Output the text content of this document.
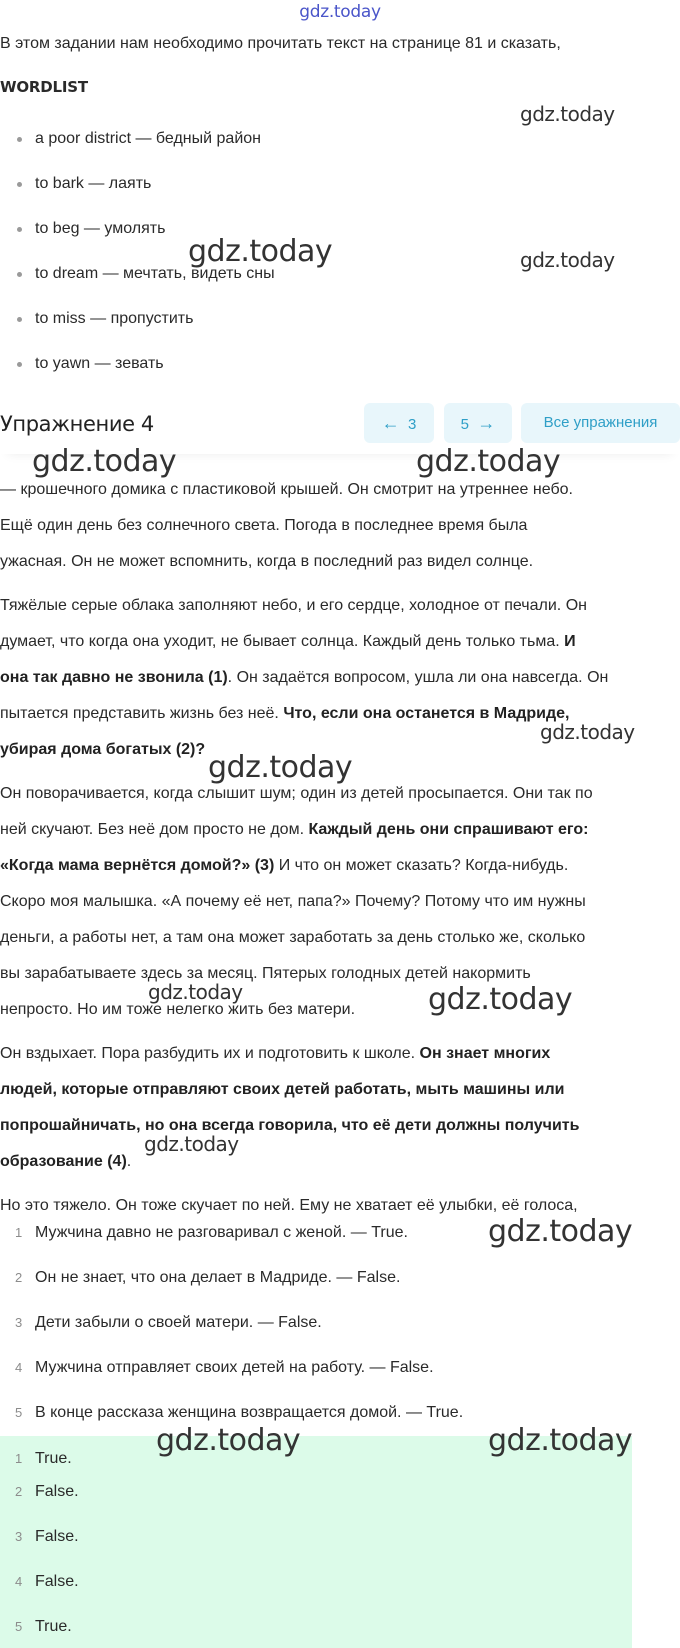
gdz.today
В этом задании нам необходимо прочитать текст на странице 81 и сказать,
WORDLIST
a poor district — бедный район
to bark — лаять
to beg — умолять
to dream — мечтать, видеть сны
to miss — пропустить
to yawn — зевать
Упражнение 4	← 3	5 →	Все упражнения
— крошечного домика с пластиковой крышей. Он смотрит на утреннее небо.
Ещё один день без солнечного света. Погода в последнее время была
ужасная. Он не может вспомнить, когда в последний раз видел солнце.
Тяжёлые серые облака заполняют небо, и его сердце, холодное от печали. Он
думает, что когда она уходит, не бывает солнца. Каждый день только тьма. И
она так давно не звонила (1). Он задаётся вопросом, ушла ли она навсегда. Он
пытается представить жизнь без неё. Что, если она останется в Мадриде,
убирая дома богатых (2)?
Он поворачивается, когда слышит шум; один из детей просыпается. Они так по
ней скучают. Без неё дом просто не дом. Каждый день они спрашивают его:
«Когда мама вернётся домой?» (3) И что он может сказать? Когда-нибудь.
Скоро моя малышка. «А почему её нет, папа?» Почему? Потому что им нужны
деньги, а работы нет, а там она может заработать за день столько же, сколько
вы зарабатываете здесь за месяц. Пятерых голодных детей накормить
непросто. Но им тоже нелегко жить без матери.
Он вздыхает. Пора разбудить их и подготовить к школе. Он знает многих
людей, которые отправляют своих детей работать, мыть машины или
попрошайничать, но она всегда говорила, что её дети должны получить
образование (4).
Но это тяжело. Он тоже скучает по ней. Ему не хватает её улыбки, её голоса,
1 Мужчина давно не разговаривал с женой. — True.
2 Он не знает, что она делает в Мадриде. — False.
3 Дети забыли о своей матери. — False.
4 Мужчина отправляет своих детей на работу. — False.
5 В конце рассказа женщина возвращается домой. — True.
1 True.
2 False.
3 False.
4 False.
5 True.
gdz.today
gdz.today	gdz.today
gdz.today	gdz.today
gdz.today
gdz.today
gdz.today	gdz.today
gdz.today
gdz.today
gdz.today	gdz.today
